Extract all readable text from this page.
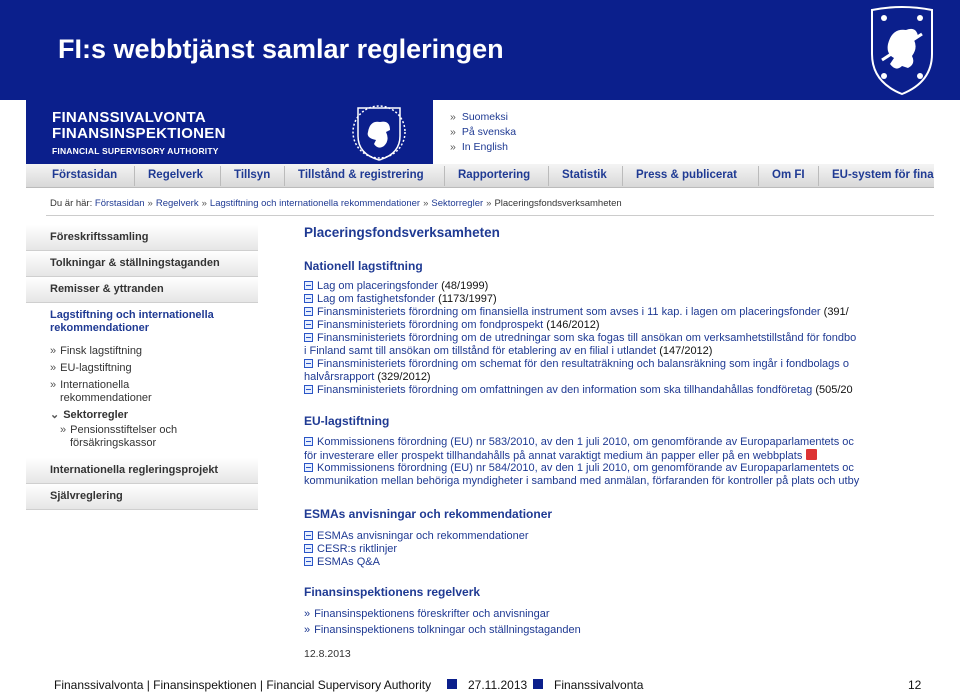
FI:s webbtjänst samlar regleringen
FINANSSIVALVONTA
FINANSINSPEKTIONEN
FINANCIAL SUPERVISORY AUTHORITY
» Suomeksi
» På svenska
» In English
Förstasidan	Regelverk	Tillsyn Tillstånd & registrering	Rapportering	Statistik	Press & publicerat	Om FI EU-system för fina
Du är här: Förstasidan » Regelverk » Lagstiftning och internationella rekommendationer » Sektorregler » Placeringsfondsverksamheten
Föreskriftssamling
Tolkningar & ställningstaganden
Remisser & yttranden
Lagstiftning och internationella
rekommendationer
» Finsk lagstiftning
» EU-lagstiftning
» Internationella
rekommendationer
⌄ Sektorregler
» Pensionsstiftelser och
försäkringskassor
Internationella regleringsprojekt
Självreglering
Placeringsfondsverksamheten
Nationell lagstiftning
Lag om placeringsfonder (48/1999)
Lag om fastighetsfonder (1173/1997)
Finansministeriets förordning om finansiella instrument som avses i 11 kap. i lagen om placeringsfonder (391/
Finansministeriets förordning om fondprospekt (146/2012)
Finansministeriets förordning om de utredningar som ska fogas till ansökan om verksamhetstillstånd för fondbo
i Finland samt till ansökan om tillstånd för etablering av en filial i utlandet (147/2012)
Finansministeriets förordning om schemat för den resultaträkning och balansräkning som ingår i fondbolags o
halvårsrapport (329/2012)
Finansministeriets förordning om omfattningen av den information som ska tillhandahållas fondföretag (505/20
EU-lagstiftning
Kommissionens förordning (EU) nr 583/2010, av den 1 juli 2010, om genomförande av Europaparlamentets oc
för investerare eller prospekt tillhandahålls på annat varaktigt medium än papper eller på en webbplats
Kommissionens förordning (EU) nr 584/2010, av den 1 juli 2010, om genomförande av Europaparlamentets oc
kommunikation mellan behöriga myndigheter i samband med anmälan, förfaranden för kontroller på plats och utby
ESMAs anvisningar och rekommendationer
ESMAs anvisningar och rekommendationer
CESR:s riktlinjer
ESMAs Q&A
Finansinspektionens regelverk
» Finansinspektionens föreskrifter och anvisningar
» Finansinspektionens tolkningar och ställningstaganden
12.8.2013
Finanssivalvonta | Finansinspektionen | Financial Supervisory Authority	27.11.2013 Finanssivalvonta	12
